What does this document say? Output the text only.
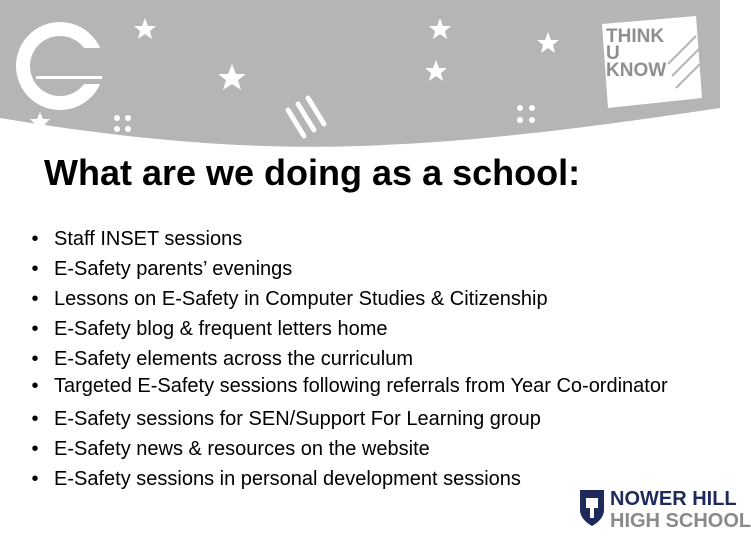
CEOP
THINK
U
KNOW
What are we doing as a school:
• Staff INSET sessions
• E-Safety parents’ evenings
• Lessons on E-Safety in Computer Studies & Citizenship
• E-Safety blog & frequent letters home
• E-Safety elements across the curriculum
• Targeted E-Safety sessions following referrals from Year Co-ordinator
• E-Safety sessions for SEN/Support For Learning group
• E-Safety news & resources on the website
• E-Safety sessions in personal development sessions
NOWER HILL
HIGH SCHOOL
